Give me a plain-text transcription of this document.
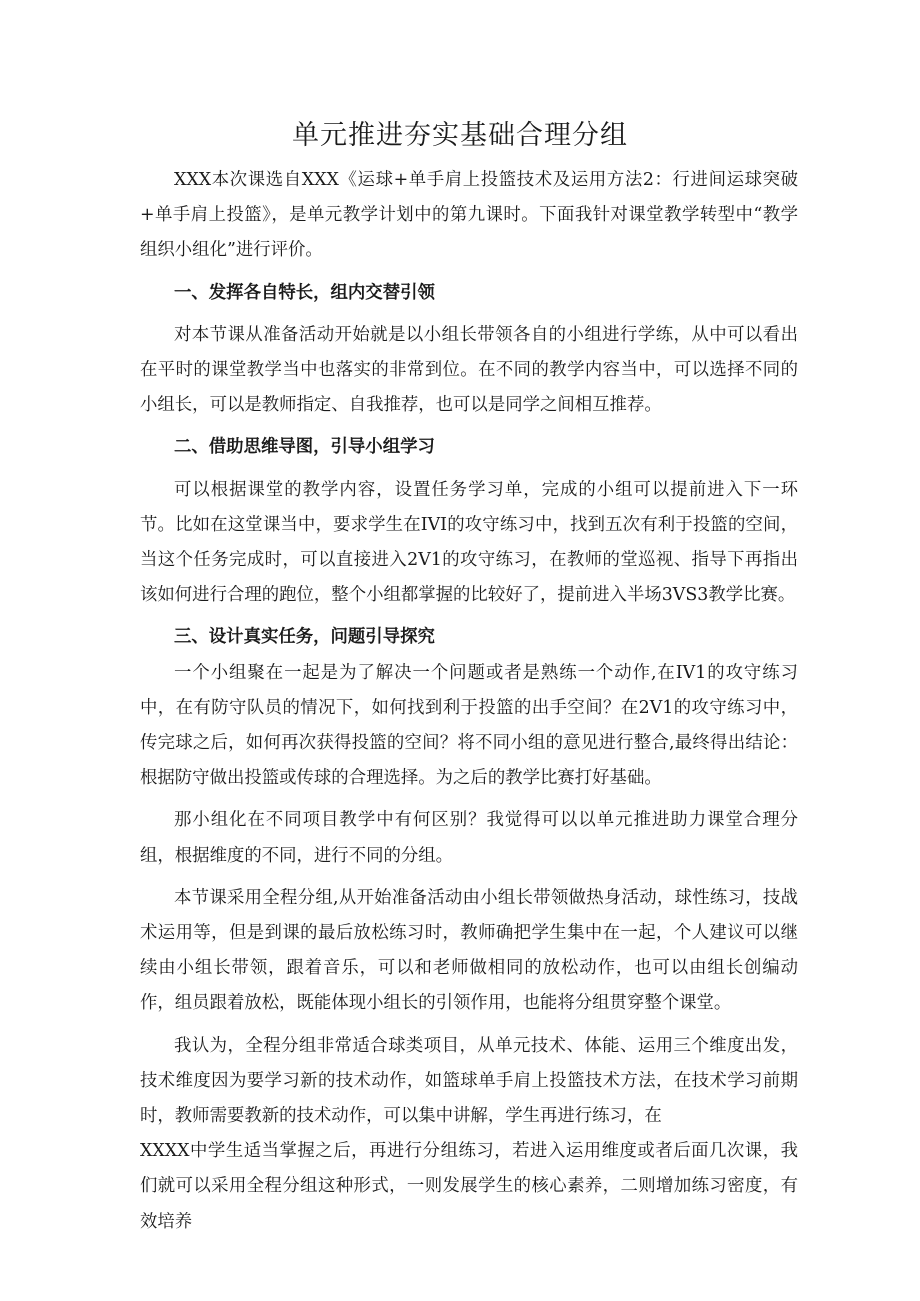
单元推进夯实基础合理分组

XXX本次课选自XXX《运球+单手肩上投篮技术及运用方法2：行进间运球突破+单手肩上投篮》，是单元教学计划中的第九课时。下面我针对课堂教学转型中“教学组织小组化”进行评价。

一、发挥各自特长，组内交替引领

对本节课从准备活动开始就是以小组长带领各自的小组进行学练，从中可以看出在平时的课堂教学当中也落实的非常到位。在不同的教学内容当中，可以选择不同的小组长，可以是教师指定、自我推荐，也可以是同学之间相互推荐。

二、借助思维导图，引导小组学习

可以根据课堂的教学内容，设置任务学习单，完成的小组可以提前进入下一环节。比如在这堂课当中，要求学生在IVI的攻守练习中，找到五次有利于投篮的空间，当这个任务完成时，可以直接进入2V1的攻守练习，在教师的堂巡视、指导下再指出该如何进行合理的跑位，整个小组都掌握的比较好了，提前进入半场3VS3教学比赛。

三、设计真实任务，问题引导探究

一个小组聚在一起是为了解决一个问题或者是熟练一个动作,在IV1的攻守练习中，在有防守队员的情况下，如何找到利于投篮的出手空间？在2V1的攻守练习中，传完球之后，如何再次获得投篮的空间？将不同小组的意见进行整合,最终得出结论：根据防守做出投篮或传球的合理选择。为之后的教学比赛打好基础。

那小组化在不同项目教学中有何区别？我觉得可以以单元推进助力课堂合理分组，根据维度的不同，进行不同的分组。

本节课采用全程分组,从开始准备活动由小组长带领做热身活动，球性练习，技战术运用等，但是到课的最后放松练习时，教师确把学生集中在一起，个人建议可以继续由小组长带领，跟着音乐，可以和老师做相同的放松动作，也可以由组长创编动作，组员跟着放松，既能体现小组长的引领作用，也能将分组贯穿整个课堂。

我认为，全程分组非常适合球类项目，从单元技术、体能、运用三个维度出发，技术维度因为要学习新的技术动作，如篮球单手肩上投篮技术方法，在技术学习前期时，教师需要教新的技术动作，可以集中讲解，学生再进行练习，在

XXXX中学生适当掌握之后，再进行分组练习，若进入运用维度或者后面几次课，我们就可以采用全程分组这种形式，一则发展学生的核心素养，二则增加练习密度，有效培养
